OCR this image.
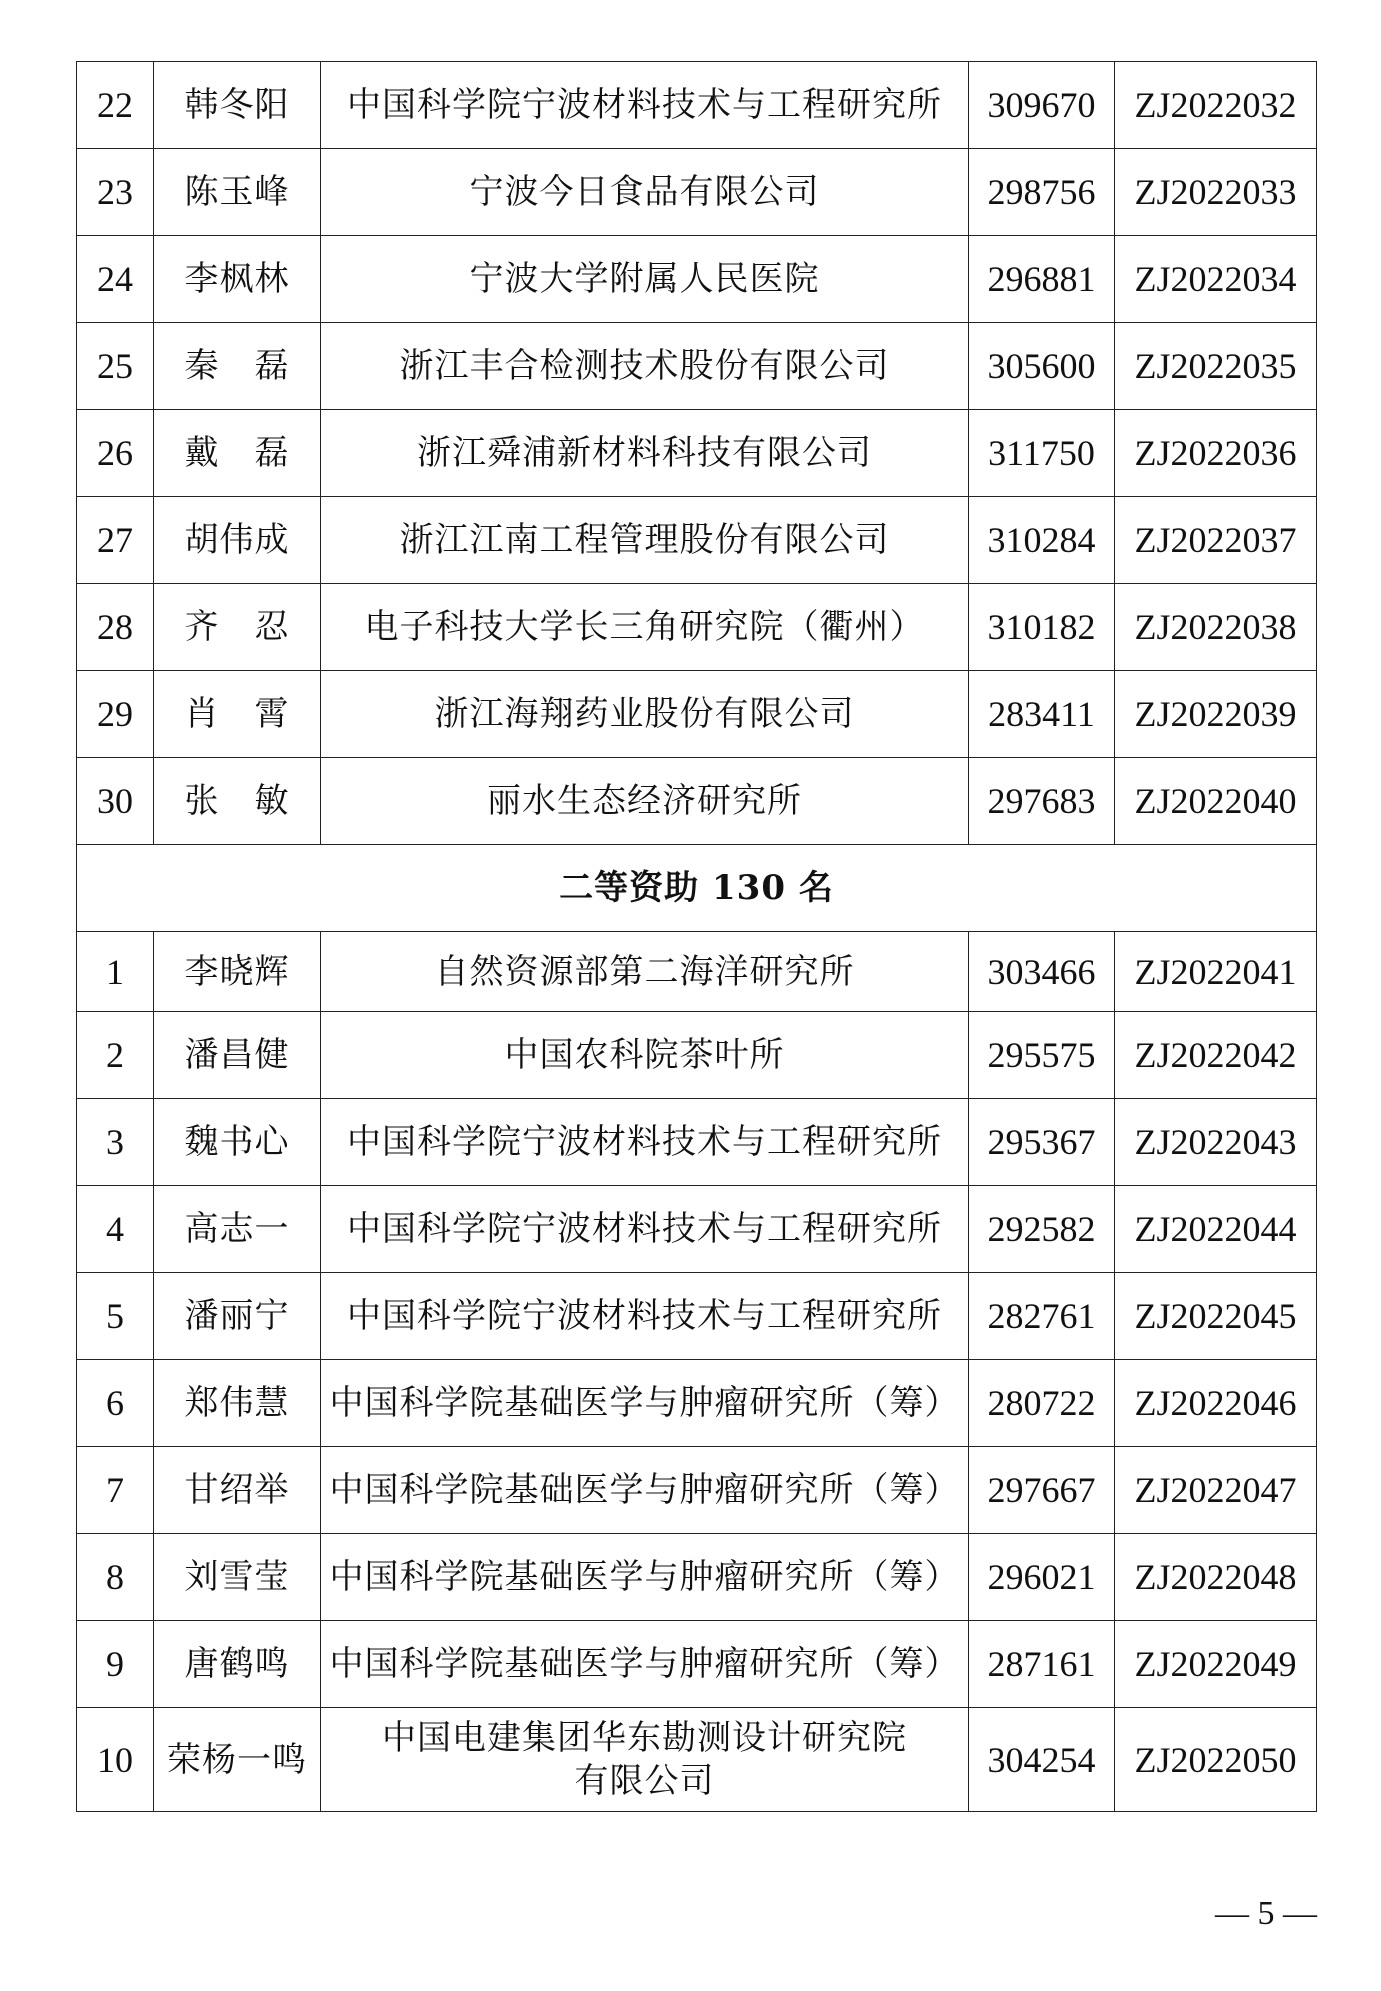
22	韩冬阳	中国科学院宁波材料技术与工程研究所	309670	ZJ2022032
23	陈玉峰	宁波今日食品有限公司	298756	ZJ2022033
24	李枫林	宁波大学附属人民医院	296881	ZJ2022034
25	秦　磊	浙江丰合检测技术股份有限公司	305600	ZJ2022035
26	戴　磊	浙江舜浦新材料科技有限公司	311750	ZJ2022036
27	胡伟成	浙江江南工程管理股份有限公司	310284	ZJ2022037
28	齐　忍	电子科技大学长三角研究院（衢州）	310182	ZJ2022038
29	肖　霄	浙江海翔药业股份有限公司	283411	ZJ2022039
30	张　敏	丽水生态经济研究所	297683	ZJ2022040
二等资助 130 名				
1	李晓辉	自然资源部第二海洋研究所	303466	ZJ2022041
2	潘昌健	中国农科院茶叶所	295575	ZJ2022042
3	魏书心	中国科学院宁波材料技术与工程研究所	295367	ZJ2022043
4	高志一	中国科学院宁波材料技术与工程研究所	292582	ZJ2022044
5	潘丽宁	中国科学院宁波材料技术与工程研究所	282761	ZJ2022045
6	郑伟慧	中国科学院基础医学与肿瘤研究所（筹）	280722	ZJ2022046
7	甘绍举	中国科学院基础医学与肿瘤研究所（筹）	297667	ZJ2022047
8	刘雪莹	中国科学院基础医学与肿瘤研究所（筹）	296021	ZJ2022048
9	唐鹤鸣	中国科学院基础医学与肿瘤研究所（筹）	287161	ZJ2022049
10	荣杨一鸣	中国电建集团华东勘测设计研究院
有限公司	304254	ZJ2022050
— 5 —
